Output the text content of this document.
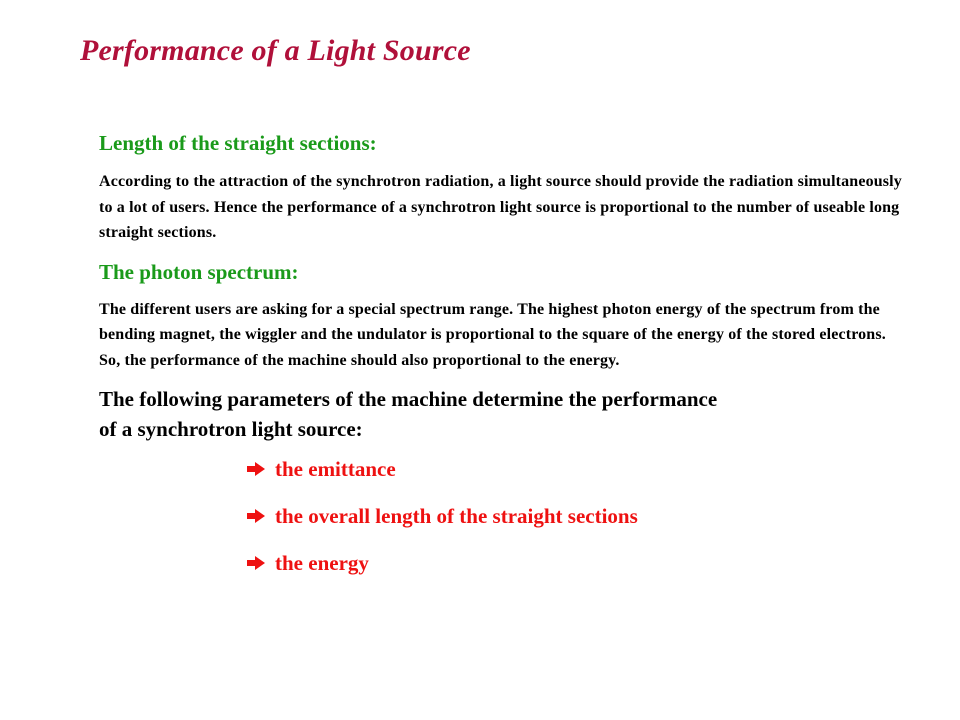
Performance of a Light Source
Length of the straight sections:

According to the attraction of the synchrotron radiation, a light source should provide the radiation simultaneously to a lot of users. Hence the performance of a synchrotron light source is proportional to the number of useable long straight sections.

The photon spectrum:

The different users are asking for a special spectrum range. The highest photon energy of the spectrum from the bending magnet, the wiggler and the undulator is proportional to the square of the energy of the stored electrons. So, the performance of the machine should also proportional to the energy.

The following parameters of the machine determine the performance
of a synchrotron light source:

the emittance
the overall length of the straight sections
the energy
